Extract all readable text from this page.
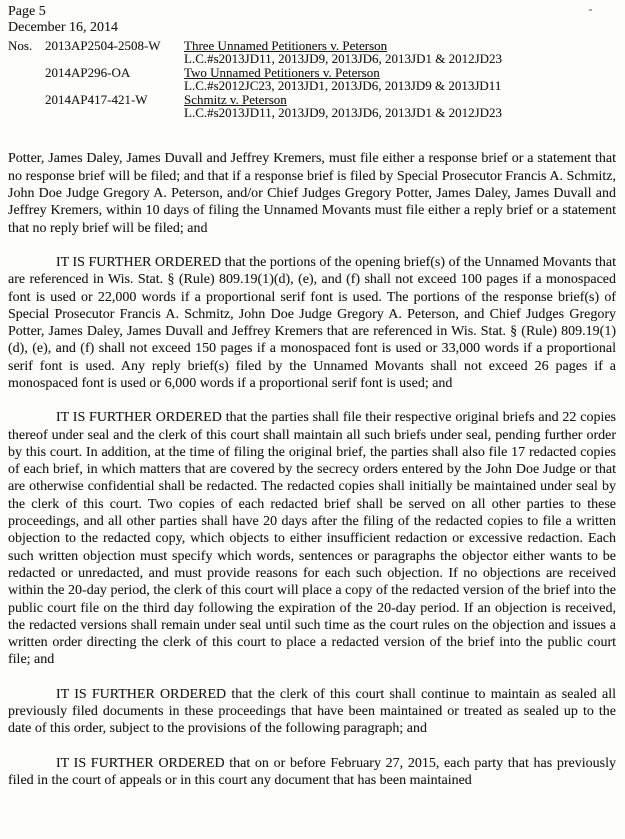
Page 5
December 16, 2014
Nos. 2013AP2504-2508-W	Three Unnamed Petitioners v. Peterson
L.C.#s2013JD11, 2013JD9, 2013JD6, 2013JD1 & 2012JD23
2014AP296-OA	Two Unnamed Petitioners v. Peterson
L.C.#s2012JC23, 2013JD1, 2013JD6, 2013JD9 & 2013JD11
2014AP417-421-W	Schmitz v. Peterson
L.C.#s2013JD11, 2013JD9, 2013JD6, 2013JD1 & 2012JD23

Potter, James Daley, James Duvall and Jeffrey Kremers, must file either a response brief or a statement that no response brief will be filed; and that if a response brief is filed by Special Prosecutor Francis A. Schmitz, John Doe Judge Gregory A. Peterson, and/or Chief Judges Gregory Potter, James Daley, James Duvall and Jeffrey Kremers, within 10 days of filing the Unnamed Movants must file either a reply brief or a statement that no reply brief will be filed; and

IT IS FURTHER ORDERED that the portions of the opening brief(s) of the Unnamed Movants that are referenced in Wis. Stat. § (Rule) 809.19(1)(d), (e), and (f) shall not exceed 100 pages if a monospaced font is used or 22,000 words if a proportional serif font is used. The portions of the response brief(s) of Special Prosecutor Francis A. Schmitz, John Doe Judge Gregory A. Peterson, and Chief Judges Gregory Potter, James Daley, James Duvall and Jeffrey Kremers that are referenced in Wis. Stat. § (Rule) 809.19(1)(d), (e), and (f) shall not exceed 150 pages if a monospaced font is used or 33,000 words if a proportional serif font is used. Any reply brief(s) filed by the Unnamed Movants shall not exceed 26 pages if a monospaced font is used or 6,000 words if a proportional serif font is used; and

IT IS FURTHER ORDERED that the parties shall file their respective original briefs and 22 copies thereof under seal and the clerk of this court shall maintain all such briefs under seal, pending further order by this court. In addition, at the time of filing the original brief, the parties shall also file 17 redacted copies of each brief, in which matters that are covered by the secrecy orders entered by the John Doe Judge or that are otherwise confidential shall be redacted. The redacted copies shall initially be maintained under seal by the clerk of this court. Two copies of each redacted brief shall be served on all other parties to these proceedings, and all other parties shall have 20 days after the filing of the redacted copies to file a written objection to the redacted copy, which objects to either insufficient redaction or excessive redaction. Each such written objection must specify which words, sentences or paragraphs the objector either wants to be redacted or unredacted, and must provide reasons for each such objection. If no objections are received within the 20-day period, the clerk of this court will place a copy of the redacted version of the brief into the public court file on the third day following the expiration of the 20-day period. If an objection is received, the redacted versions shall remain under seal until such time as the court rules on the objection and issues a written order directing the clerk of this court to place a redacted version of the brief into the public court file; and

IT IS FURTHER ORDERED that the clerk of this court shall continue to maintain as sealed all previously filed documents in these proceedings that have been maintained or treated as sealed up to the date of this order, subject to the provisions of the following paragraph; and

IT IS FURTHER ORDERED that on or before February 27, 2015, each party that has previously filed in the court of appeals or in this court any document that has been maintained
